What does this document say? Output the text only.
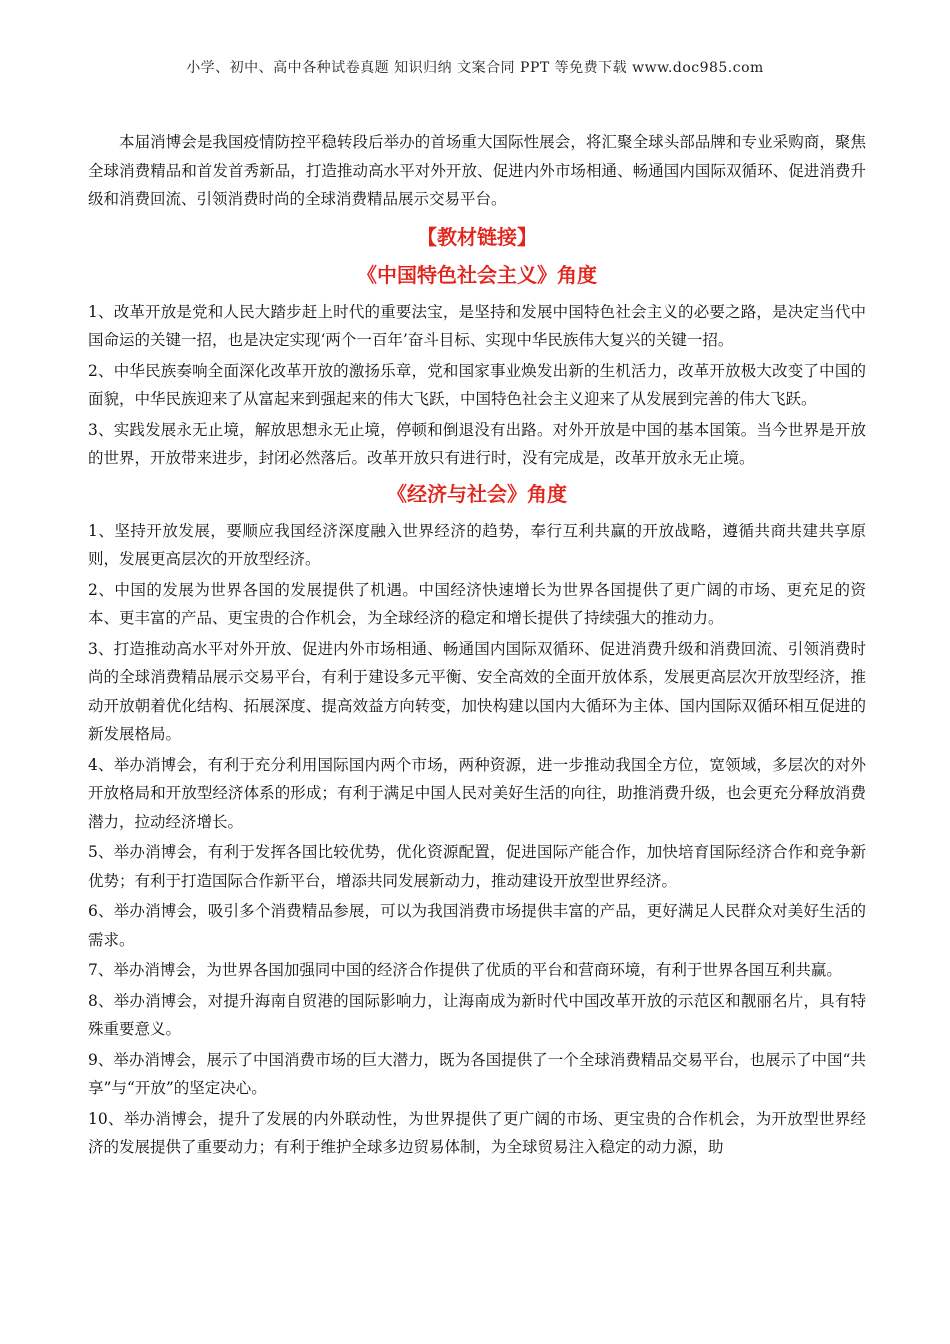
小学、初中、高中各种试卷真题 知识归纳 文案合同 PPT 等免费下载 www.doc985.com

本届消博会是我国疫情防控平稳转段后举办的首场重大国际性展会，将汇聚全球头部品牌和专业采购商，聚焦全球消费精品和首发首秀新品，打造推动高水平对外开放、促进内外市场相通、畅通国内国际双循环、促进消费升级和消费回流、引领消费时尚的全球消费精品展示交易平台。

【教材链接】
《中国特色社会主义》角度

1、改革开放是党和人民大踏步赶上时代的重要法宝，是坚持和发展中国特色社会主义的必要之路，是决定当代中国命运的关键一招，也是决定实现‘两个一百年’奋斗目标、实现中华民族伟大复兴的关键一招。

2、中华民族奏响全面深化改革开放的激扬乐章，党和国家事业焕发出新的生机活力，改革开放极大改变了中国的面貌，中华民族迎来了从富起来到强起来的伟大飞跃，中国特色社会主义迎来了从发展到完善的伟大飞跃。

3、实践发展永无止境，解放思想永无止境，停顿和倒退没有出路。对外开放是中国的基本国策。当今世界是开放的世界，开放带来进步，封闭必然落后。改革开放只有进行时，没有完成是，改革开放永无止境。

《经济与社会》角度

1、坚持开放发展，要顺应我国经济深度融入世界经济的趋势，奉行互利共赢的开放战略，遵循共商共建共享原则，发展更高层次的开放型经济。

2、中国的发展为世界各国的发展提供了机遇。中国经济快速增长为世界各国提供了更广阔的市场、更充足的资本、更丰富的产品、更宝贵的合作机会，为全球经济的稳定和增长提供了持续强大的推动力。

3、打造推动高水平对外开放、促进内外市场相通、畅通国内国际双循环、促进消费升级和消费回流、引领消费时尚的全球消费精品展示交易平台，有利于建设多元平衡、安全高效的全面开放体系，发展更高层次开放型经济，推动开放朝着优化结构、拓展深度、提高效益方向转变，加快构建以国内大循环为主体、国内国际双循环相互促进的新发展格局。

4、举办消博会，有利于充分利用国际国内两个市场，两种资源，进一步推动我国全方位，宽领域，多层次的对外开放格局和开放型经济体系的形成；有利于满足中国人民对美好生活的向往，助推消费升级，也会更充分释放消费潜力，拉动经济增长。

5、举办消博会，有利于发挥各国比较优势，优化资源配置，促进国际产能合作，加快培育国际经济合作和竞争新优势；有利于打造国际合作新平台，增添共同发展新动力，推动建设开放型世界经济。

6、举办消博会，吸引多个消费精品参展，可以为我国消费市场提供丰富的产品，更好满足人民群众对美好生活的需求。

7、举办消博会，为世界各国加强同中国的经济合作提供了优质的平台和营商环境，有利于世界各国互利共赢。

8、举办消博会，对提升海南自贸港的国际影响力，让海南成为新时代中国改革开放的示范区和靓丽名片，具有特殊重要意义。

9、举办消博会，展示了中国消费市场的巨大潜力，既为各国提供了一个全球消费精品交易平台，也展示了中国“共享”与“开放”的坚定决心。

10、举办消博会，提升了发展的内外联动性，为世界提供了更广阔的市场、更宝贵的合作机会，为开放型世界经济的发展提供了重要动力；有利于维护全球多边贸易体制，为全球贸易注入稳定的动力源，助
